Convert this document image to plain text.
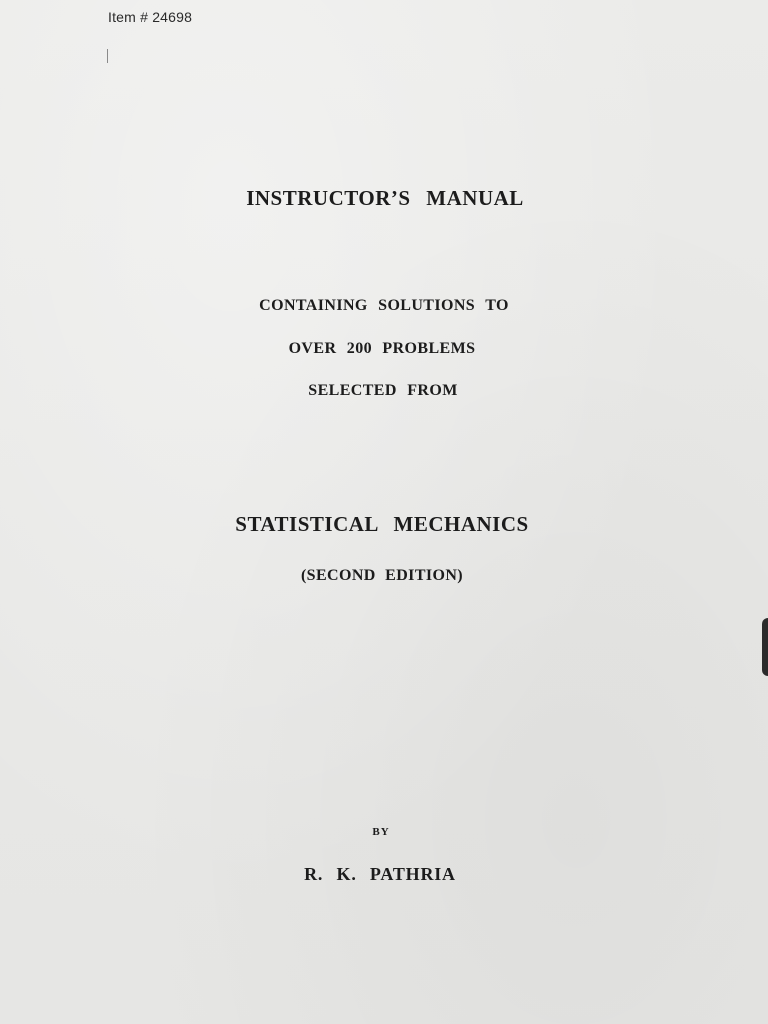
Item # 24698
INSTRUCTOR’S MANUAL
CONTAINING SOLUTIONS TO
OVER 200 PROBLEMS
SELECTED FROM
STATISTICAL MECHANICS
(SECOND EDITION)
BY
R. K. PATHRIA
